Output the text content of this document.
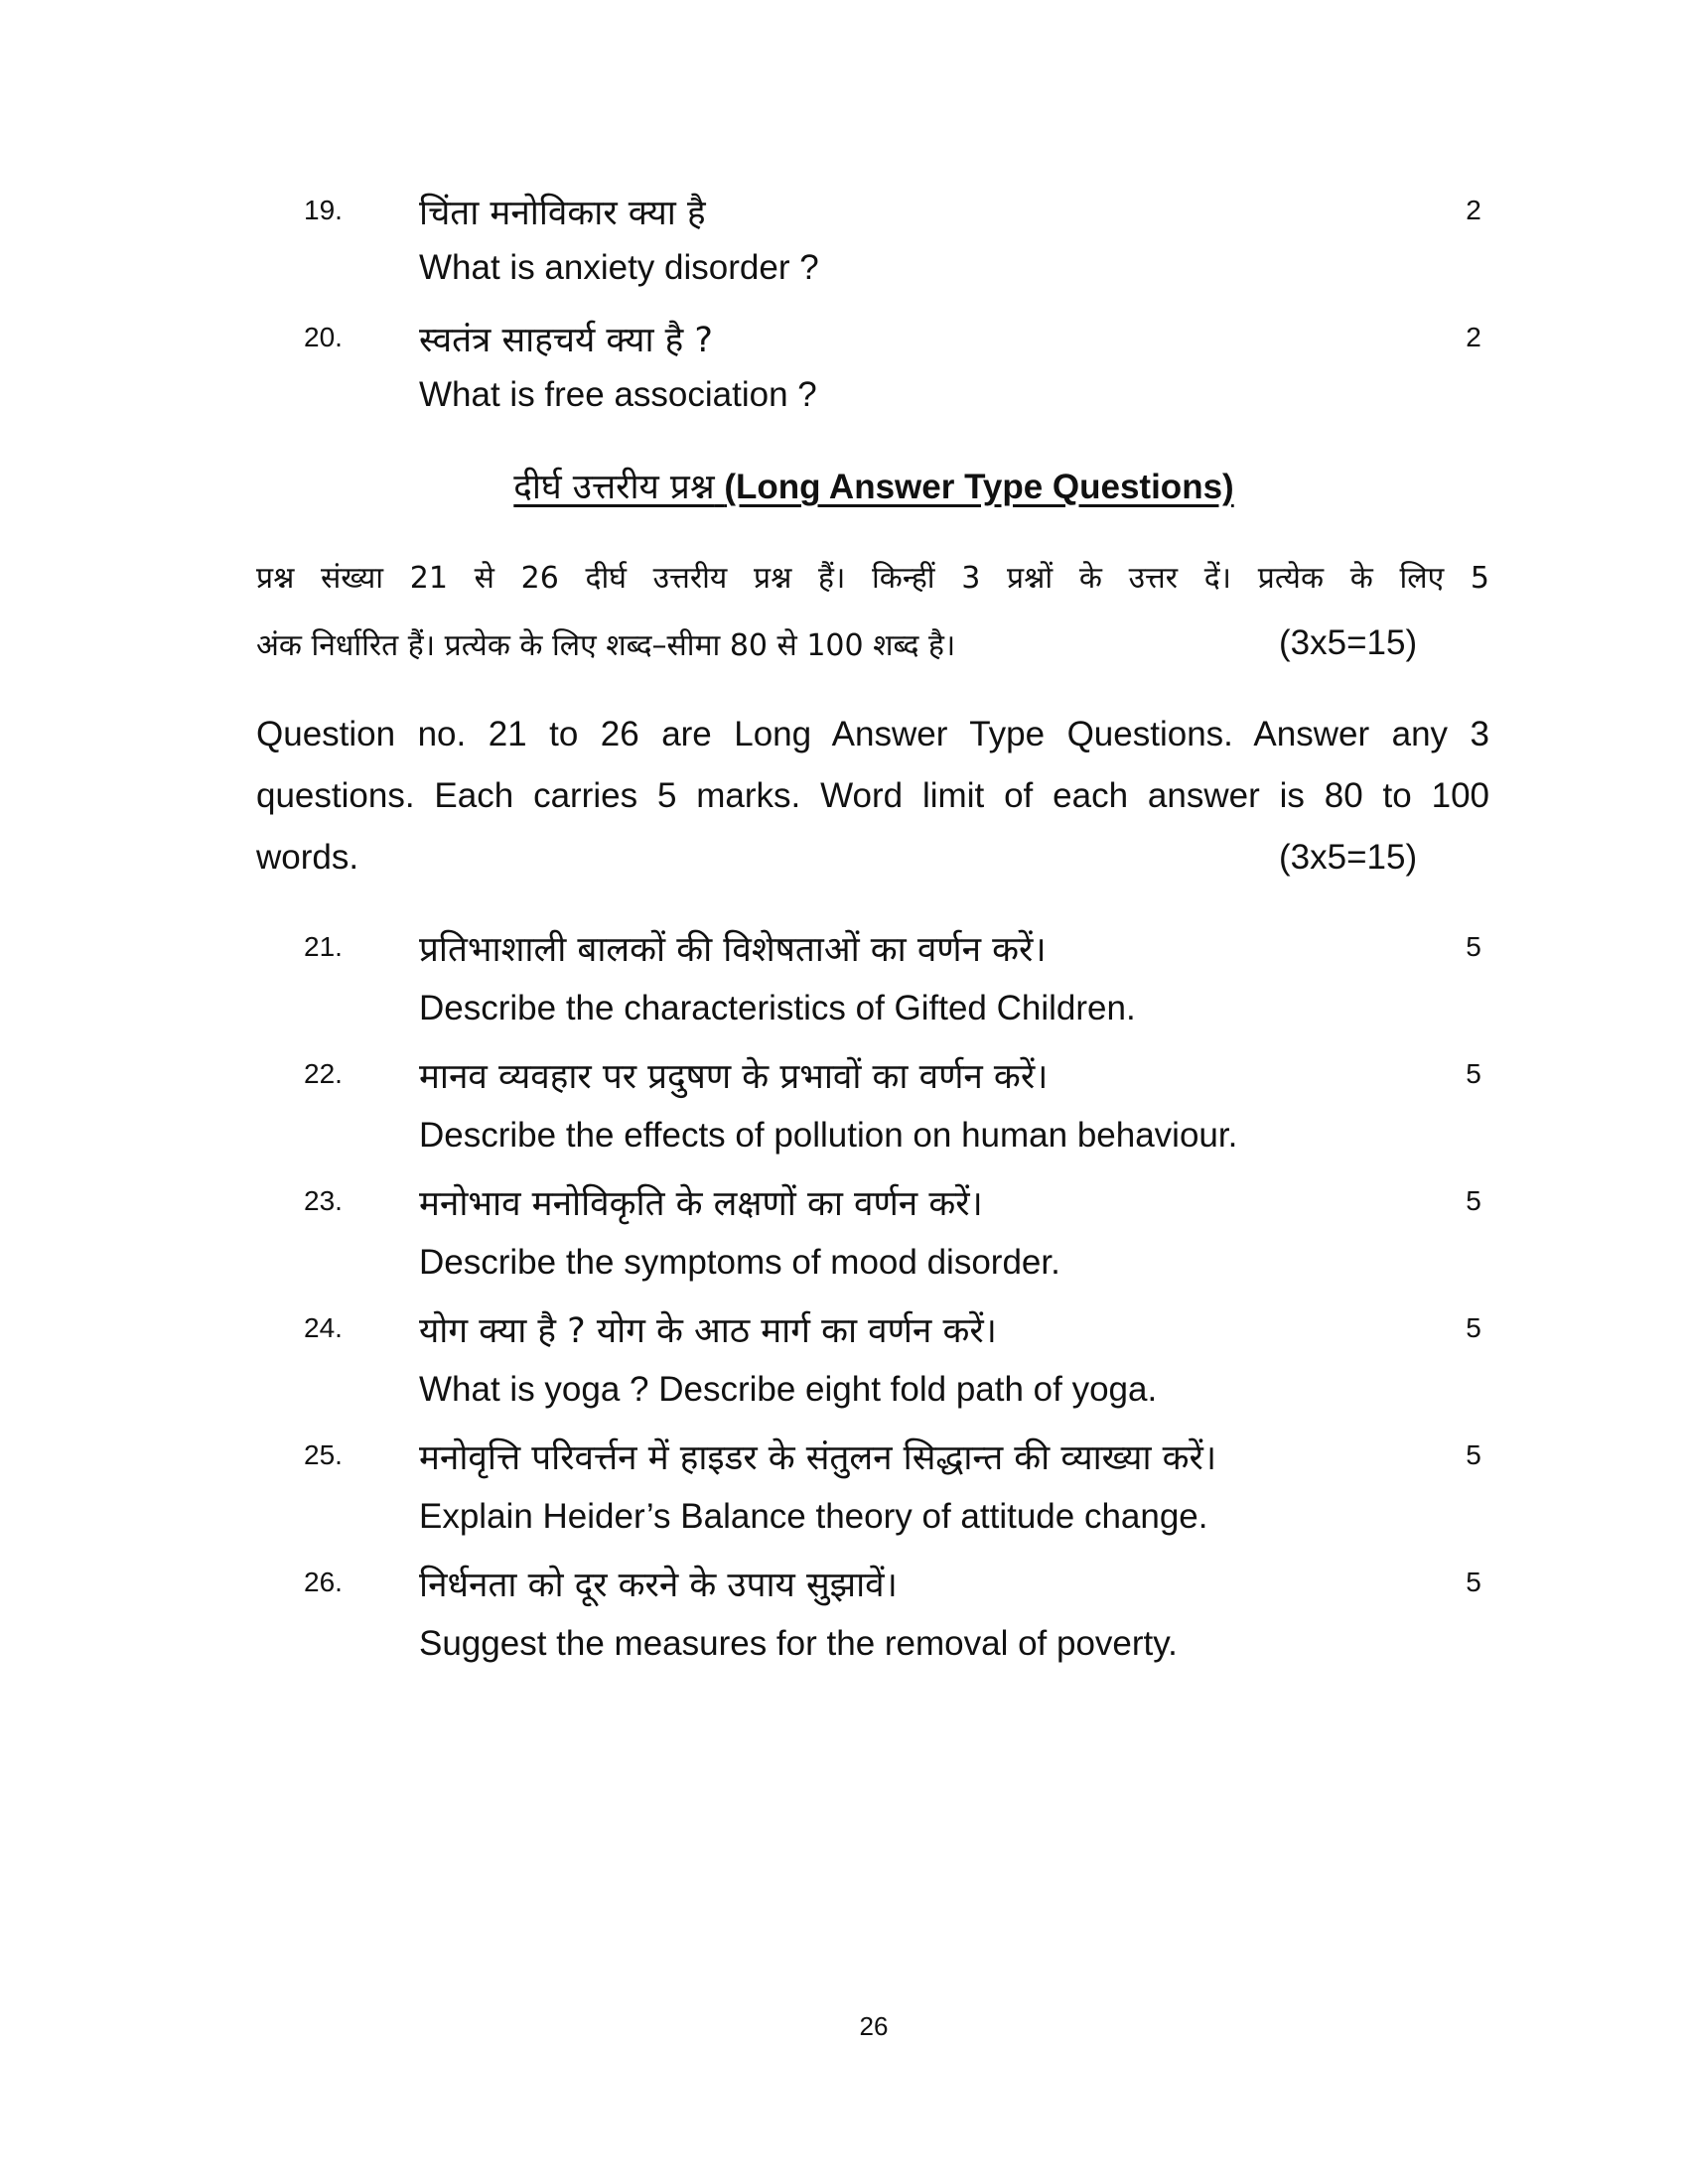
19. चिंता मनोविकार क्या है	2
What is anxiety disorder ?
20. स्वतंत्र साहचर्य क्या है ?	2
What is free association ?
दीर्घ उत्तरीय प्रश्न (Long Answer Type Questions)
प्रश्न संख्या 21 से 26 दीर्घ उत्तरीय प्रश्न हैं। किन्हीं 3 प्रश्नों के उत्तर दें। प्रत्येक के लिए 5
अंक निर्धारित हैं। प्रत्येक के लिए शब्द–सीमा 80 से 100 शब्द है।	(3x5=15)
Question no. 21 to 26 are Long Answer Type Questions. Answer any 3
questions. Each carries 5 marks. Word limit of each answer is 80 to 100
words.	(3x5=15)
21. प्रतिभाशाली बालकों की विशेषताओं का वर्णन करें।	5
Describe the characteristics of Gifted Children.
22. मानव व्यवहार पर प्रदुषण के प्रभावों का वर्णन करें।	5
Describe the effects of pollution on human behaviour.
23. मनोभाव मनोविकृति के लक्षणों का वर्णन करें।	5
Describe the symptoms of mood disorder.
24. योग क्या है ? योग के आठ मार्ग का वर्णन करें।	5
What is yoga ? Describe eight fold path of yoga.
25. मनोवृत्ति परिवर्त्तन में हाइडर के संतुलन सिद्धान्त की व्याख्या करें।	5
Explain Heider’s Balance theory of attitude change.
26. निर्धनता को दूर करने के उपाय सुझावें।	5
Suggest the measures for the removal of poverty.
26
